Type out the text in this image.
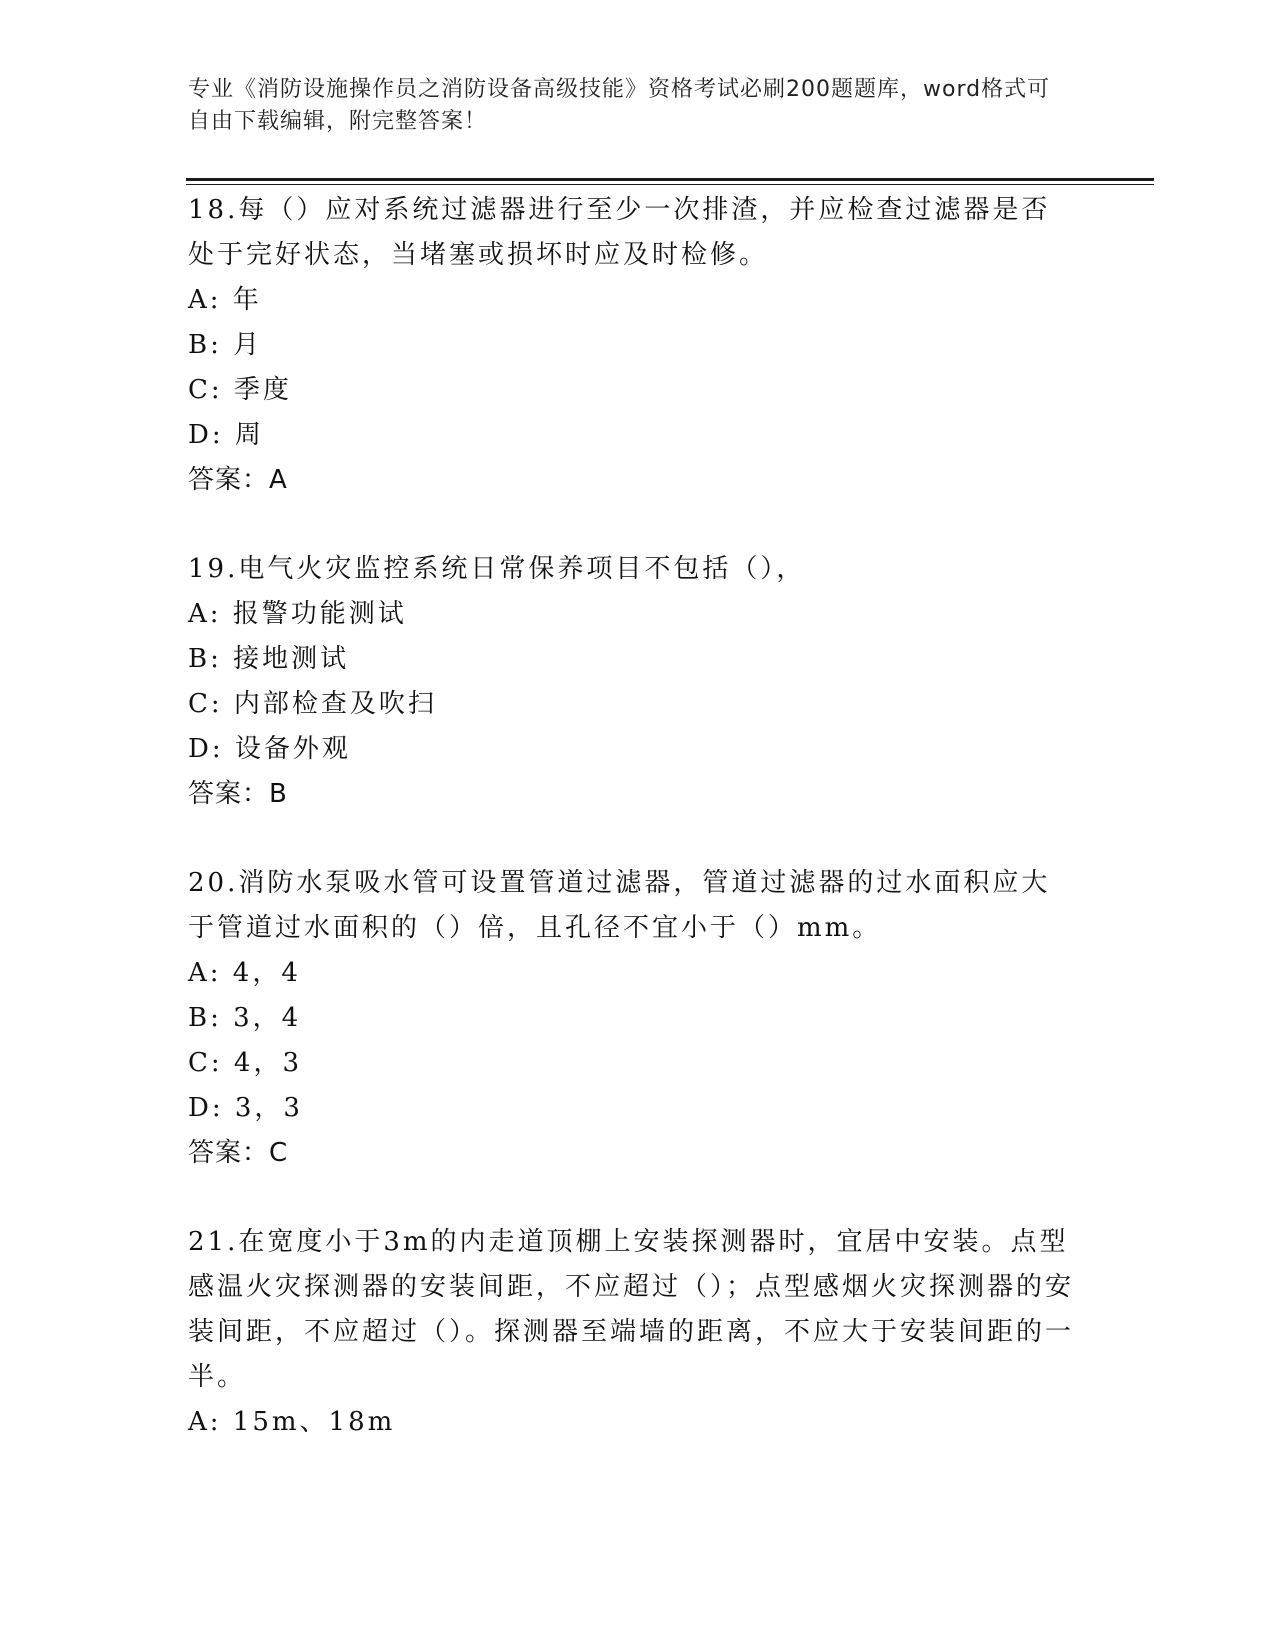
专业《消防设施操作员之消防设备高级技能》资格考试必刷200题题库，word格式可自由下载编辑，附完整答案！

18.每（）应对系统过滤器进行至少一次排渣，并应检查过滤器是否处于完好状态，当堵塞或损坏时应及时检修。

A: 年

B: 月

C: 季度

D: 周

答案：A

19.电气火灾监控系统日常保养项目不包括（），

A: 报警功能测试

B: 接地测试

C: 内部检查及吹扫

D: 设备外观

答案：B

20.消防水泵吸水管可设置管道过滤器，管道过滤器的过水面积应大于管道过水面积的（）倍，且孔径不宜小于（）mm。

A: 4，4

B: 3，4

C: 4，3

D: 3，3

答案：C

21.在宽度小于3m的内走道顶棚上安装探测器时，宜居中安装。点型感温火灾探测器的安装间距，不应超过（）；点型感烟火灾探测器的安装间距，不应超过（）。探测器至端墙的距离，不应大于安装间距的一半。

A: 15m、18m
